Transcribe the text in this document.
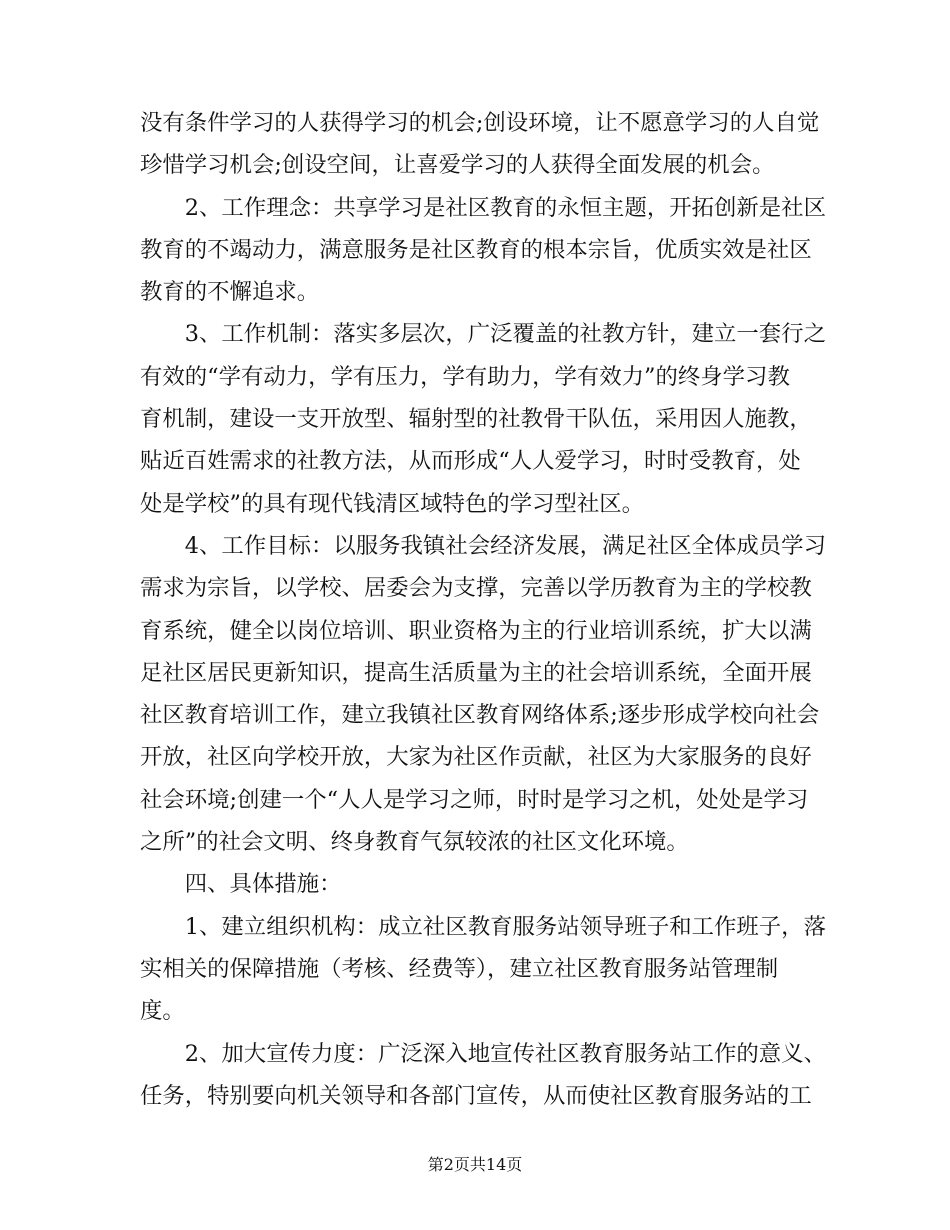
没有条件学习的人获得学习的机会;创设环境，让不愿意学习的人自觉
珍惜学习机会;创设空间，让喜爱学习的人获得全面发展的机会。
　　2、工作理念：共享学习是社区教育的永恒主题，开拓创新是社区
教育的不竭动力，满意服务是社区教育的根本宗旨，优质实效是社区
教育的不懈追求。
　　3、工作机制：落实多层次，广泛覆盖的社教方针，建立一套行之
有效的“学有动力，学有压力，学有助力，学有效力”的终身学习教
育机制，建设一支开放型、辐射型的社教骨干队伍，采用因人施教，
贴近百姓需求的社教方法，从而形成“人人爱学习，时时受教育，处
处是学校”的具有现代钱清区域特色的学习型社区。
　　4、工作目标：以服务我镇社会经济发展，满足社区全体成员学习
需求为宗旨，以学校、居委会为支撑，完善以学历教育为主的学校教
育系统，健全以岗位培训、职业资格为主的行业培训系统，扩大以满
足社区居民更新知识，提高生活质量为主的社会培训系统，全面开展
社区教育培训工作，建立我镇社区教育网络体系;逐步形成学校向社会
开放，社区向学校开放，大家为社区作贡献，社区为大家服务的良好
社会环境;创建一个“人人是学习之师，时时是学习之机，处处是学习
之所”的社会文明、终身教育气氛较浓的社区文化环境。
　　四、具体措施：
　　1、建立组织机构：成立社区教育服务站领导班子和工作班子，落
实相关的保障措施（考核、经费等），建立社区教育服务站管理制
度。
　　2、加大宣传力度：广泛深入地宣传社区教育服务站工作的意义、
任务，特别要向机关领导和各部门宣传，从而使社区教育服务站的工
第2页共14页
